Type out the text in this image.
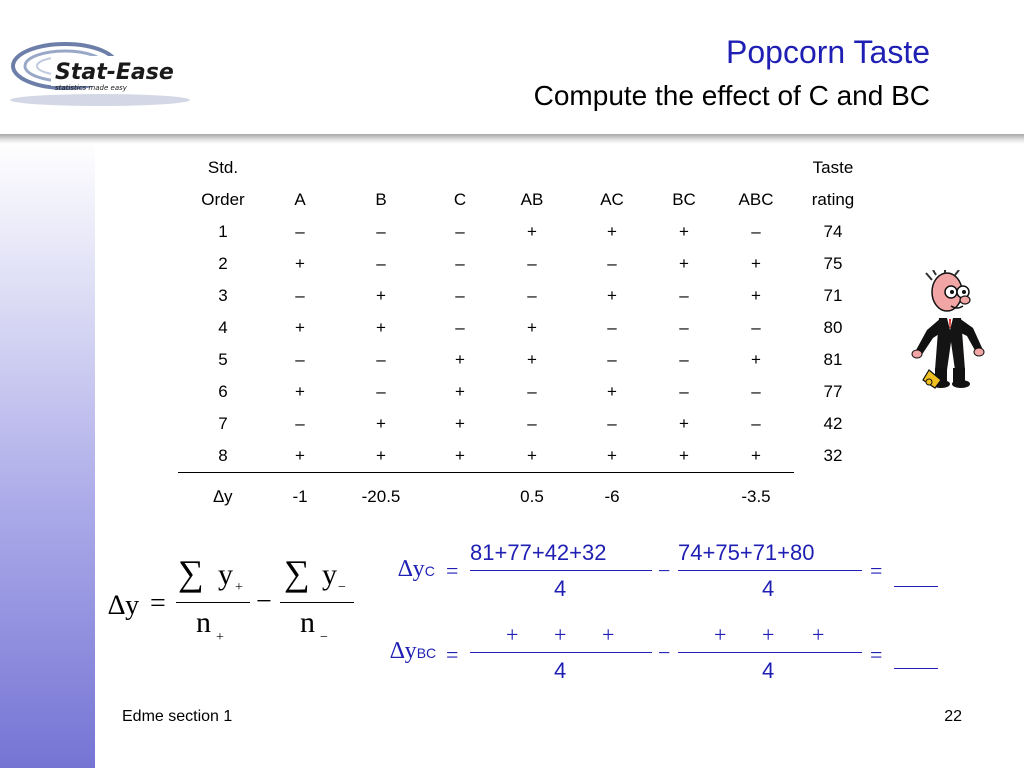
Stat-Ease
statistics made easy
Popcorn Taste
Compute the effect of C and BC
Std.								Taste
Order	A	B	C	AB	AC	BC	ABC	rating
1	–	–	–	+	+	+	–	74
2	+	–	–	–	–	+	+	75
3	–	+	–	–	+	–	+	71
4	+	+	–	+	–	–	–	80
5	–	–	+	+	–	–	+	81
6	+	–	+	–	+	–	–	77
7	–	+	+	–	–	+	–	42
8	+	+	+	+	+	+	+	32
∆y	-1	-20.5		0.5	-6		-3.5	
∆y =
∑ y +
n +
−
∑ y −
n −
∆yC =
81+77+42+32
4
−
74+75+71+80
4
=
∆yBC =
+ + +
4
−
+ + +
4
=
Edme section 1	22
